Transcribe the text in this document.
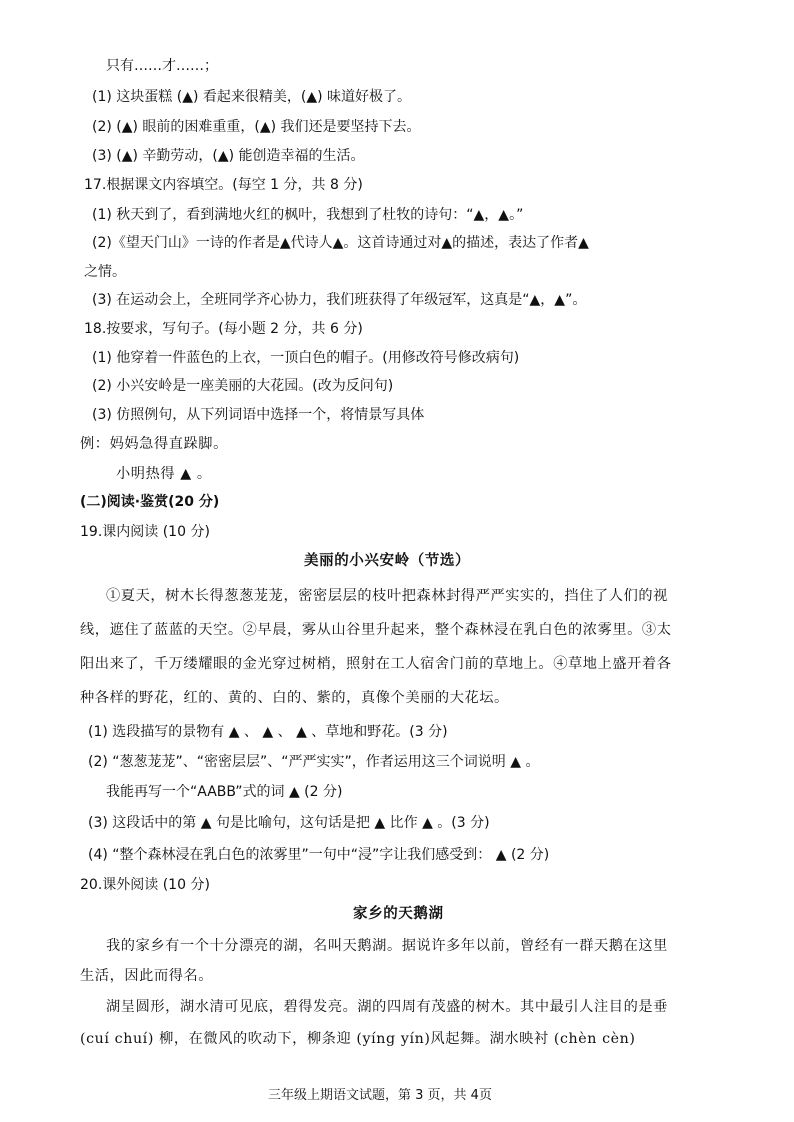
只有……才……；
(1) 这块蛋糕 (▲) 看起来很精美，(▲) 味道好极了。
(2) (▲) 眼前的困难重重，(▲) 我们还是要坚持下去。
(3) (▲) 辛勤劳动，(▲) 能创造幸福的生活。
17.根据课文内容填空。(每空 1 分，共 8 分)
(1) 秋天到了，看到满地火红的枫叶，我想到了杜牧的诗句：“▲，▲。”
(2)《望天门山》一诗的作者是▲代诗人▲。这首诗通过对▲的描述，表达了作者▲
之情。
(3) 在运动会上，全班同学齐心协力，我们班获得了年级冠军，这真是“▲，▲”。
18.按要求，写句子。(每小题 2 分，共 6 分)
(1) 他穿着一件蓝色的上衣，一顶白色的帽子。(用修改符号修改病句)
(2) 小兴安岭是一座美丽的大花园。(改为反问句)
(3) 仿照例句，从下列词语中选择一个，将情景写具体
例：妈妈急得直跺脚。
小明热得 ▲ 。
(二)阅读·鉴赏(20 分)
19.课内阅读 (10 分)
美丽的小兴安岭（节选）
①夏天，树木长得葱葱茏茏，密密层层的枝叶把森林封得严严实实的，挡住了人们的视
线，遮住了蓝蓝的天空。②早晨，雾从山谷里升起来，整个森林浸在乳白色的浓雾里。③太
阳出来了，千万缕耀眼的金光穿过树梢，照射在工人宿舍门前的草地上。④草地上盛开着各
种各样的野花，红的、黄的、白的、紫的，真像个美丽的大花坛。
(1) 选段描写的景物有 ▲ 、 ▲ 、 ▲ 、草地和野花。(3 分)
(2) “葱葱茏茏”、“密密层层”、“严严实实”，作者运用这三个词说明 ▲ 。
我能再写一个“AABB”式的词 ▲ (2 分)
(3) 这段话中的第 ▲ 句是比喻句，这句话是把 ▲ 比作 ▲ 。(3 分)
(4) “整个森林浸在乳白色的浓雾里”一句中“浸”字让我们感受到： ▲ (2 分)
20.课外阅读 (10 分)
家乡的天鹅湖
我的家乡有一个十分漂亮的湖，名叫天鹅湖。据说许多年以前，曾经有一群天鹅在这里
生活，因此而得名。
湖呈圆形，湖水清可见底，碧得发亮。湖的四周有茂盛的树木。其中最引人注目的是垂
(cuí chuí) 柳，在微风的吹动下，柳条迎 (yíng yín)风起舞。湖水映衬 (chèn cèn)
三年级上期语文试题，第 3 页，共 4页
